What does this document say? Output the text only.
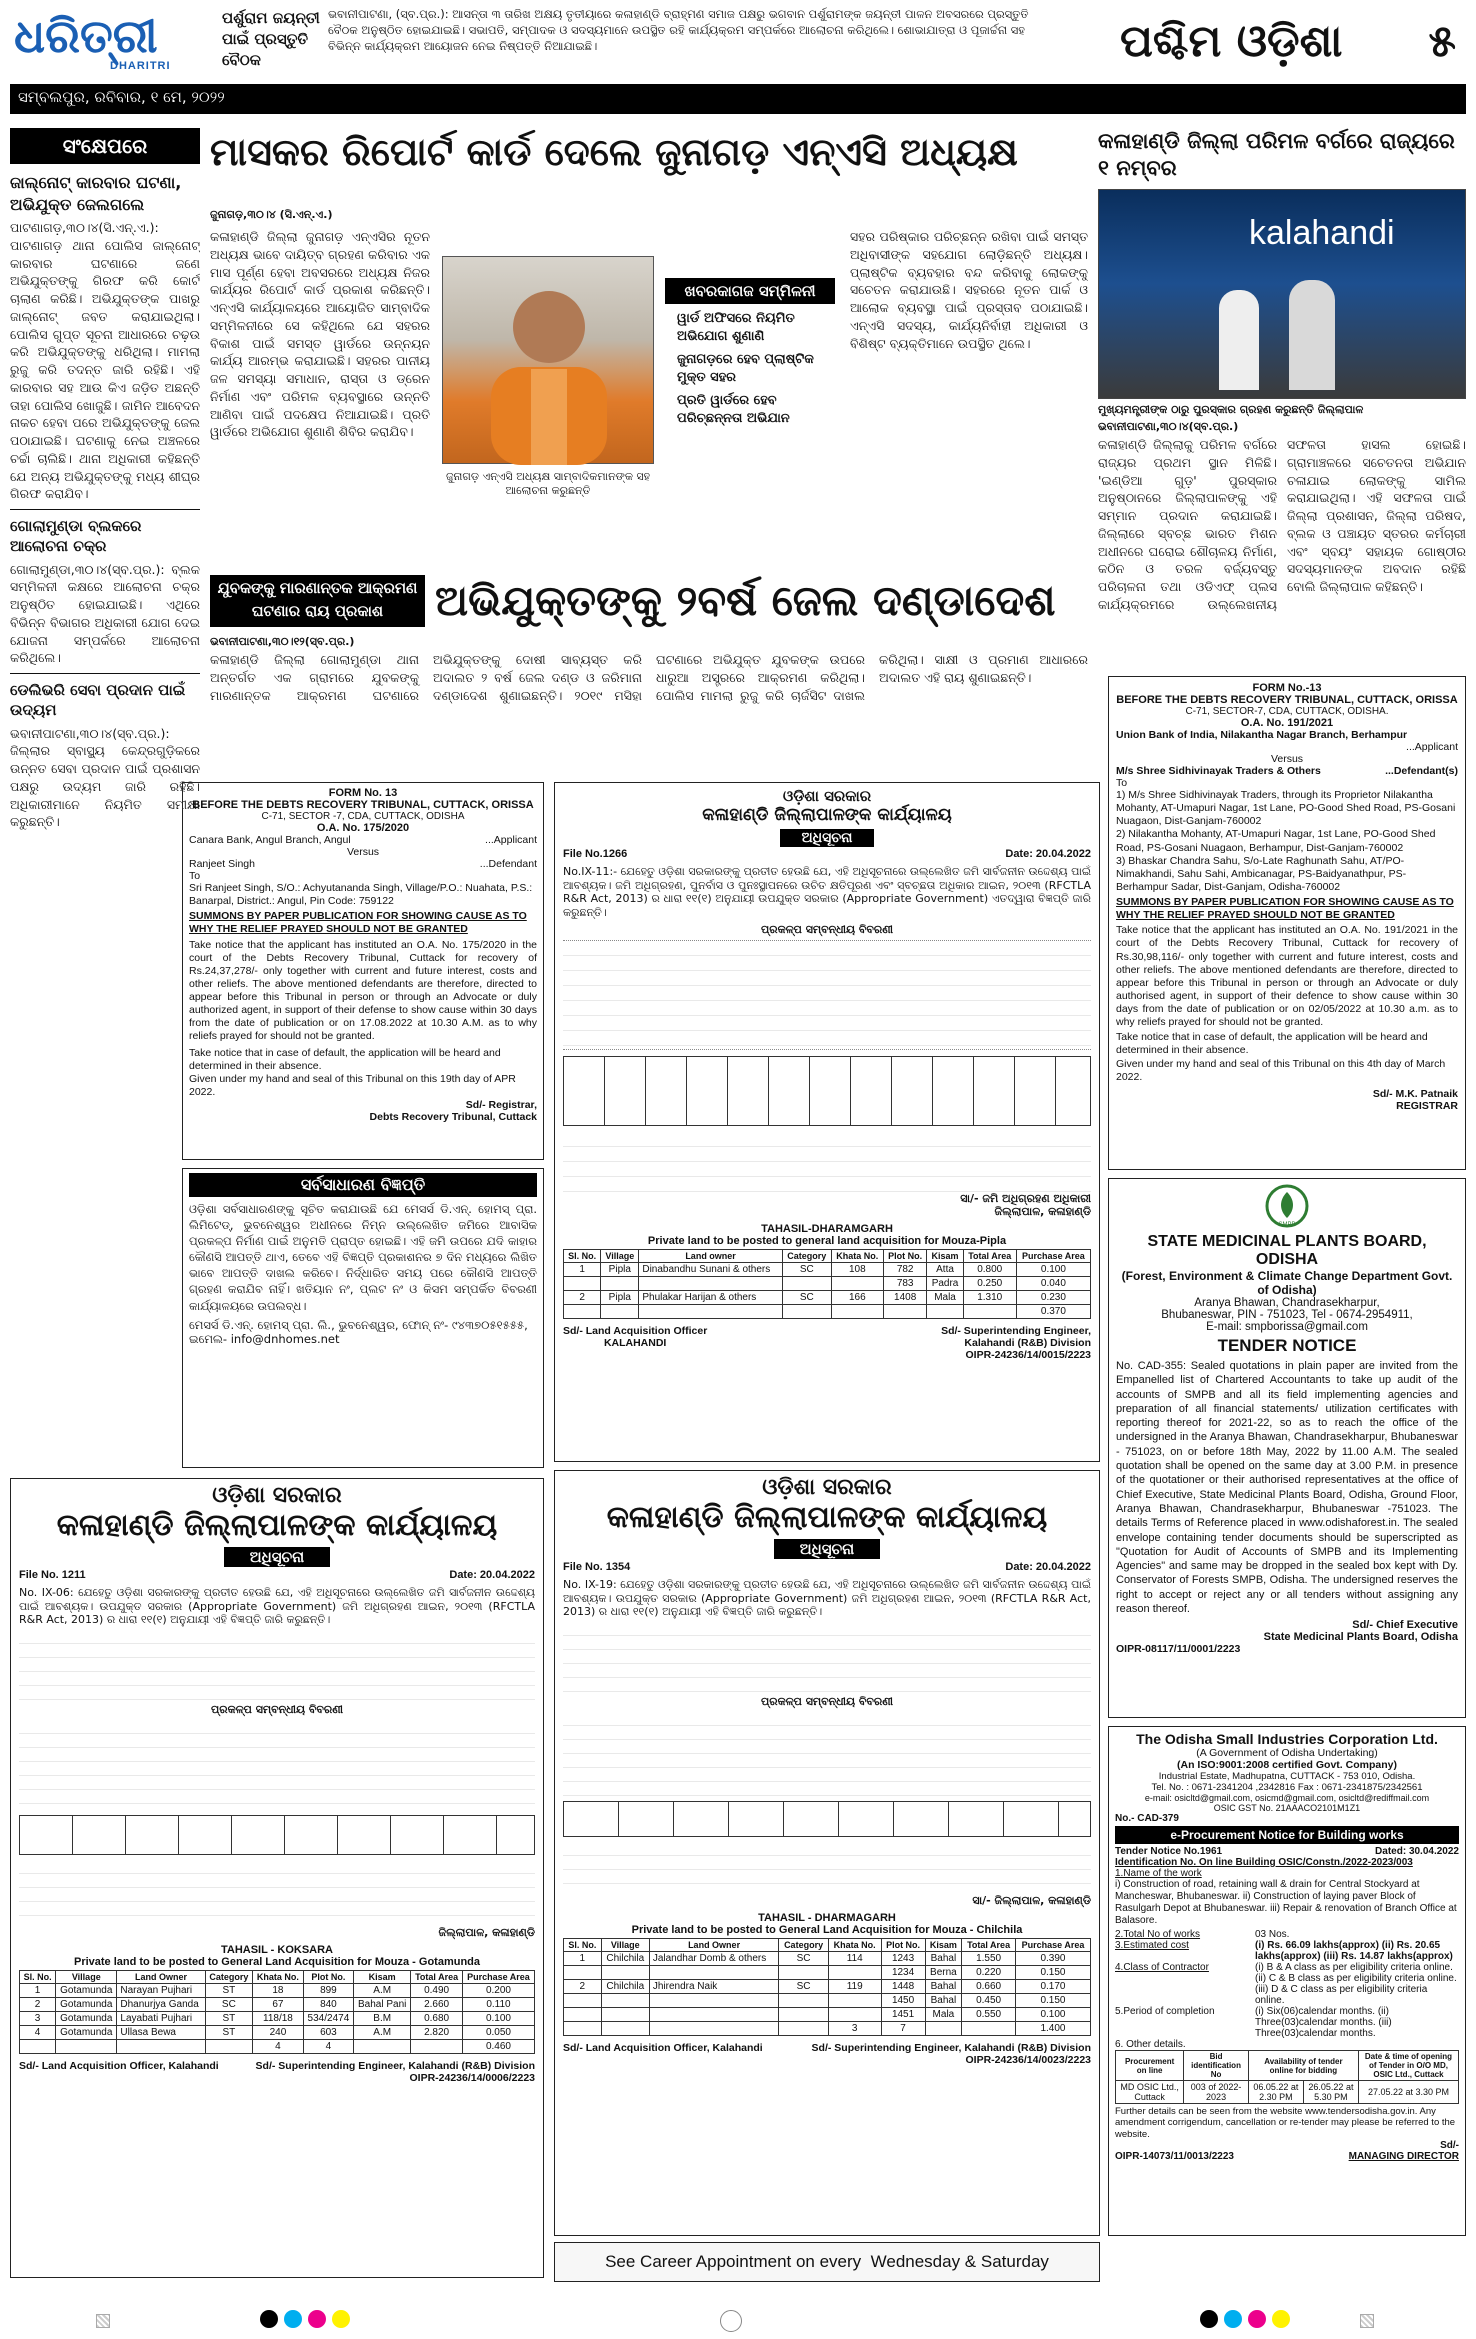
ଧରିତ୍ରୀ
DHARITRI
ପର୍ଶୁରାମ ଜୟନ୍ତୀ ପାଇଁ ପ୍ରସ୍ତୁତି ବୈଠକ
ଭବାନୀପାଟଣା, (ସ୍ବ.ପ୍ର.): ଆସନ୍ତା ୩ ତାରିଖ ଅକ୍ଷୟ ତୃତୀୟାରେ କଳାହାଣ୍ଡି ବ୍ରାହ୍ମଣ ସମାଜ ପକ୍ଷରୁ ଭଗବାନ ପର୍ଶୁରାମଙ୍କ ଜୟନ୍ତୀ ପାଳନ ଅବସରରେ ପ୍ରସ୍ତୁତି ବୈଠକ ଅନୁଷ୍ଠିତ ହୋଇଯାଇଛି। ସଭାପତି, ସମ୍ପାଦକ ଓ ସଦସ୍ୟମାନେ ଉପସ୍ଥିତ ରହି କାର୍ଯ୍ୟକ୍ରମ ସମ୍ପର୍କରେ ଆଲୋଚନା କରିଥିଲେ। ଶୋଭାଯାତ୍ରା ଓ ପୂଜାର୍ଚ୍ଚନା ସହ ବିଭିନ୍ନ କାର୍ଯ୍ୟକ୍ରମ ଆୟୋଜନ ନେଇ ନିଷ୍ପତ୍ତି ନିଆଯାଇଛି।	ପଶ୍ଚିମ ଓଡ଼ିଶା ୫
ସମ୍ବଲପୁର, ରବିବାର, ୧ ମେ, ୨୦୨୨
ସଂକ୍ଷେପରେ
ଜାଲ୍‌ନୋଟ୍ କାରବାର ଘଟଣା, ଅଭିଯୁକ୍ତ ଜେଲଗଲେ
ପାଟଣାଗଡ଼,୩୦।୪(ସି.ଏନ୍.ଏ.): ପାଟଣାଗଡ଼ ଥାନା ପୋଲିସ ଜାଲ୍‌ନୋଟ୍ କାରବାର ଘଟଣାରେ ଜଣେ ଅଭିଯୁକ୍ତଙ୍କୁ ଗିରଫ କରି କୋର୍ଟ ଚାଲାଣ କରିଛି। ଅଭିଯୁକ୍ତଙ୍କ ପାଖରୁ ଜାଲ୍‌ନୋଟ୍ ଜବତ କରାଯାଇଥିଲା। ପୋଲିସ ଗୁପ୍ତ ସୂଚନା ଆଧାରରେ ଚଢ଼ଉ କରି ଅଭିଯୁକ୍ତଙ୍କୁ ଧରିଥିଲା। ମାମଲା ରୁଜୁ କରି ତଦନ୍ତ ଜାରି ରହିଛି। ଏହି କାରବାର ସହ ଆଉ କିଏ ଜଡ଼ିତ ଅଛନ୍ତି ତାହା ପୋଲିସ ଖୋଜୁଛି। ଜାମିନ ଆବେଦନ ନାକଚ ହେବା ପରେ ଅଭିଯୁକ୍ତଙ୍କୁ ଜେଲ ପଠାଯାଇଛି। ଘଟଣାକୁ ନେଇ ଅଞ୍ଚଳରେ ଚର୍ଚ୍ଚା ଚାଲିଛି। ଥାନା ଅଧିକାରୀ କହିଛନ୍ତି ଯେ ଅନ୍ୟ ଅଭିଯୁକ୍ତଙ୍କୁ ମଧ୍ୟ ଶୀଘ୍ର ଗିରଫ କରାଯିବ।
ଗୋଲାମୁଣ୍ଡା ବ୍ଲକରେ ଆଲୋଚନା ଚକ୍ର
ଗୋଲାମୁଣ୍ଡା,୩୦।୪(ସ୍ବ.ପ୍ର.): ବ୍ଲକ ସମ୍ମିଳନୀ କକ୍ଷରେ ଆଲୋଚନା ଚକ୍ର ଅନୁଷ୍ଠିତ ହୋଇଯାଇଛି। ଏଥିରେ ବିଭିନ୍ନ ବିଭାଗର ଅଧିକାରୀ ଯୋଗ ଦେଇ ଯୋଜନା ସମ୍ପର୍କରେ ଆଲୋଚନା କରିଥିଲେ।
ଡେଲିଭରି ସେବା ପ୍ରଦାନ ପାଇଁ ଉଦ୍ୟମ
ଭବାନୀପାଟଣା,୩୦।୪(ସ୍ବ.ପ୍ର.): ଜିଲ୍ଲାର ସ୍ବାସ୍ଥ୍ୟ କେନ୍ଦ୍ରଗୁଡ଼ିକରେ ଉନ୍ନତ ସେବା ପ୍ରଦାନ ପାଇଁ ପ୍ରଶାସନ ପକ୍ଷରୁ ଉଦ୍ୟମ ଜାରି ରହିଛି। ଅଧିକାରୀମାନେ ନିୟମିତ ସମୀକ୍ଷା କରୁଛନ୍ତି।
ମାସକର ରିପୋର୍ଟ କାର୍ଡ ଦେଲେ ଜୁନାଗଡ଼ ଏନ୍‌ଏସି ଅଧ୍ୟକ୍ଷ
ଜୁନାଗଡ଼,୩୦।୪ (ସି.ଏନ୍.ଏ.)
କଳାହାଣ୍ଡି ଜିଲ୍ଲା ଜୁନାଗଡ଼ ଏନ୍‌ଏସିର ନୂତନ ଅଧ୍ୟକ୍ଷ ଭାବେ ଦାୟିତ୍ବ ଗ୍ରହଣ କରିବାର ଏକ ମାସ ପୂର୍ଣ୍ଣ ହେବା ଅବସରରେ ଅଧ୍ୟକ୍ଷ ନିଜର କାର୍ଯ୍ୟର ରିପୋର୍ଟ କାର୍ଡ ପ୍ରକାଶ କରିଛନ୍ତି। ଏନ୍‌ଏସି କାର୍ଯ୍ୟାଳୟରେ ଆୟୋଜିତ ସାମ୍ବାଦିକ ସମ୍ମିଳନୀରେ ସେ କହିଥିଲେ ଯେ ସହରର ବିକାଶ ପାଇଁ ସମସ୍ତ ୱାର୍ଡରେ ଉନ୍ନୟନ କାର୍ଯ୍ୟ ଆରମ୍ଭ କରାଯାଇଛି। ସହରର ପାନୀୟ ଜଳ ସମସ୍ୟା ସମାଧାନ, ରାସ୍ତା ଓ ଡ୍ରେନ ନିର୍ମାଣ ଏବଂ ପରିମଳ ବ୍ୟବସ୍ଥାରେ ଉନ୍ନତି ଆଣିବା ପାଇଁ ପଦକ୍ଷେପ ନିଆଯାଇଛି। ପ୍ରତି ୱାର୍ଡରେ ଅଭିଯୋଗ ଶୁଣାଣି ଶିବିର କରାଯିବ।
ଜୁନାଗଡ଼ ଏନ୍‌ଏସି ଅଧ୍ୟକ୍ଷ ସାମ୍ବାଦିକମାନଙ୍କ ସହ ଆଲୋଚନା କରୁଛନ୍ତି
ଖବରକାଗଜ ସମ୍ମିଳନୀ
ୱାର୍ଡ ଅଫିସରେ ନିୟମିତ ଅଭିଯୋଗ ଶୁଣାଣି
ଜୁନାଗଡ଼ରେ ହେବ ପ୍ଲାଷ୍ଟିକ ମୁକ୍ତ ସହର
ପ୍ରତି ୱାର୍ଡରେ ହେବ ପରିଚ୍ଛନ୍ନତା ଅଭିଯାନ
ସହର ପରିଷ୍କାର ପରିଚ୍ଛନ୍ନ ରଖିବା ପାଇଁ ସମସ୍ତ ଅଧିବାସୀଙ୍କ ସହଯୋଗ ଲୋଡ଼ିଛନ୍ତି ଅଧ୍ୟକ୍ଷ। ପ୍ଲାଷ୍ଟିକ ବ୍ୟବହାର ବନ୍ଦ କରିବାକୁ ଲୋକଙ୍କୁ ସଚେତନ କରାଯାଉଛି। ସହରରେ ନୂତନ ପାର୍କ ଓ ଆଲୋକ ବ୍ୟବସ୍ଥା ପାଇଁ ପ୍ରସ୍ତାବ ପଠାଯାଇଛି। ଏନ୍‌ଏସି ସଦସ୍ୟ, କାର୍ଯ୍ୟନିର୍ବାହୀ ଅଧିକାରୀ ଓ ବିଶିଷ୍ଟ ବ୍ୟକ୍ତିମାନେ ଉପସ୍ଥିତ ଥିଲେ।
କଳାହାଣ୍ଡି ଜିଲ୍ଲା ପରିମଳ ବର୍ଗରେ ରାଜ୍ୟରେ ୧ ନମ୍ବର
kalahandi
ମୁଖ୍ୟମନ୍ତ୍ରୀଙ୍କ ଠାରୁ ପୁରସ୍କାର ଗ୍ରହଣ କରୁଛନ୍ତି ଜିଲ୍ଲାପାଳ
ଭବାନୀପାଟଣା,୩୦।୪(ସ୍ବ.ପ୍ର.)
କଳାହାଣ୍ଡି ଜିଲ୍ଲାକୁ ପରିମଳ ବର୍ଗରେ ରାଜ୍ୟର ପ୍ରଥମ ସ୍ଥାନ ମିଳିଛି। 'ଇଣ୍ଡିଆ ଗୁଡ଼' ପୁରସ୍କାର ଅନୁଷ୍ଠାନରେ ଜିଲ୍ଲାପାଳଙ୍କୁ ଏହି ସମ୍ମାନ ପ୍ରଦାନ କରାଯାଇଛି। ଜିଲ୍ଲାରେ ସ୍ବଚ୍ଛ ଭାରତ ମିଶନ ଅଧୀନରେ ଘରୋଇ ଶୌଚାଳୟ ନିର୍ମାଣ, କଠିନ ଓ ତରଳ ବର୍ଜ୍ୟବସ୍ତୁ ପରିଚାଳନା ତଥା ଓଡିଏଫ୍ ପ୍ଲସ କାର୍ଯ୍ୟକ୍ରମରେ ଉଲ୍ଲେଖନୀୟ ସଫଳତା ହାସଲ ହୋଇଛି। ଗ୍ରାମାଞ୍ଚଳରେ ସଚେତନତା ଅଭିଯାନ ଚଳାଯାଇ ଲୋକଙ୍କୁ ସାମିଲ କରାଯାଇଥିଲା। ଏହି ସଫଳତା ପାଇଁ ଜିଲ୍ଲା ପ୍ରଶାସନ, ଜିଲ୍ଲା ପରିଷଦ, ବ୍ଲକ ଓ ପଞ୍ଚାୟତ ସ୍ତରର କର୍ମଚାରୀ ଏବଂ ସ୍ବୟଂ ସହାୟକ ଗୋଷ୍ଠୀର ସଦସ୍ୟମାନଙ୍କ ଅବଦାନ ରହିଛି ବୋଲି ଜିଲ୍ଲାପାଳ କହିଛନ୍ତି।
ଯୁବକଙ୍କୁ ମାରଣାନ୍ତକ ଆକ୍ରମଣ ଘଟଣାର ରାୟ ପ୍ରକାଶ	ଅଭିଯୁକ୍ତଙ୍କୁ ୨ବର୍ଷ ଜେଲ ଦଣ୍ଡାଦେଶ
ଭବାନୀପାଟଣା,୩୦।୧୨(ସ୍ବ.ପ୍ର.)
କଳାହାଣ୍ଡି ଜିଲ୍ଲା ଗୋଲାମୁଣ୍ଡା ଥାନା ଅନ୍ତର୍ଗତ ଏକ ଗ୍ରାମରେ ଯୁବକଙ୍କୁ ମାରଣାନ୍ତକ ଆକ୍ରମଣ ଘଟଣାରେ ଅଭିଯୁକ୍ତଙ୍କୁ ଦୋଷୀ ସାବ୍ୟସ୍ତ କରି ଅଦାଲତ ୨ ବର୍ଷ ଜେଲ ଦଣ୍ଡ ଓ ଜରିମାନା ଦଣ୍ଡାଦେଶ ଶୁଣାଇଛନ୍ତି। ୨୦୧୯ ମସିହା ଘଟଣାରେ ଅଭିଯୁକ୍ତ ଯୁବକଙ୍କ ଉପରେ ଧାରୁଆ ଅସ୍ତ୍ରରେ ଆକ୍ରମଣ କରିଥିଲା। ପୋଲିସ ମାମଲା ରୁଜୁ କରି ଚାର୍ଜସିଟ ଦାଖଲ କରିଥିଲା। ସାକ୍ଷୀ ଓ ପ୍ରମାଣ ଆଧାରରେ ଅଦାଲତ ଏହି ରାୟ ଶୁଣାଇଛନ୍ତି।
FORM No. 13
BEFORE THE DEBTS RECOVERY TRIBUNAL, CUTTACK, ORISSA
C-71, SECTOR -7, CDA, CUTTACK, ODISHA
O.A. No. 175/2020
Canara Bank, Angul Branch, Angul	...Applicant
Versus
Ranjeet Singh	...Defendant
To
Sri Ranjeet Singh, S/O.: Achyutananda Singh, Village/P.O.: Nuahata, P.S.: Banarpal, District.: Angul, Pin Code: 759122
SUMMONS BY PAPER PUBLICATION FOR SHOWING CAUSE AS TO WHY THE RELIEF PRAYED SHOULD NOT BE GRANTED
Take notice that the applicant has instituted an O.A. No. 175/2020 in the court of the Debts Recovery Tribunal, Cuttack for recovery of Rs.24,37,278/- only together with current and future interest, costs and other reliefs. The above mentioned defendants are therefore, directed to appear before this Tribunal in person or through an Advocate or duly authorized agent, in support of their defense to show cause within 30 days from the date of publication or on 17.08.2022 at 10.30 A.M. as to why reliefs prayed for should not be granted.
Take notice that in case of default, the application will be heard and determined in their absence.
Given under my hand and seal of this Tribunal on this 19th day of APR 2022.
Sd/- Registrar,
Debts Recovery Tribunal, Cuttack
ଓଡ଼ିଶା ସରକାର
କଳାହାଣ୍ଡି ଜିଲ୍ଲାପାଳଙ୍କ କାର୍ଯ୍ୟାଳୟ
ଅଧିସୂଚନା
File No.1266	Date: 20.04.2022
No.IX-11:- ଯେହେତୁ ଓଡ଼ିଶା ସରକାରଙ୍କୁ ପ୍ରତୀତ ହେଉଛି ଯେ, ଏହି ଅଧିସୂଚନାରେ ଉଲ୍ଲେଖିତ ଜମି ସାର୍ବଜନୀନ ଉଦ୍ଦେଶ୍ୟ ପାଇଁ ଆବଶ୍ୟକ। ଜମି ଅଧିଗ୍ରହଣ, ପୁନର୍ବାସ ଓ ପୁନଃସ୍ଥାପନରେ ଉଚିତ କ୍ଷତିପୂରଣ ଏବଂ ସ୍ବଚ୍ଛତା ଅଧିକାର ଆଇନ, ୨୦୧୩ (RFCTLA R&R Act, 2013) ର ଧାରା ୧୧(୧) ଅନୁଯାୟୀ ଉପଯୁକ୍ତ ସରକାର (Appropriate Government) ଏତଦ୍ୱାରା ବିଜ୍ଞପ୍ତି ଜାରି କରୁଛନ୍ତି।
ପ୍ରକଳ୍ପ ସମ୍ବନ୍ଧୀୟ ବିବରଣୀ
ସା/- ଜମି ଅଧିଗ୍ରହଣ ଅଧିକାରୀ
ଜିଲ୍ଲାପାଳ, କଳାହାଣ୍ଡି
TAHASIL-DHARAMGARH
Private land to be posted to general land acquisition for Mouza-Pipla
Sl. No.	Village	Land owner	Category	Khata No.	Plot No.	Kisam	Total Area	Purchase Area
1	Pipla	Dinabandhu Sunani & others	SC	108	782	Atta	0.800	0.100
					783	Padra	0.250	0.040
2	Pipla	Phulakar Harijan & others	SC	166	1408	Mala	1.310	0.230
								0.370
Sd/- Land Acquisition Officer
KALAHANDI
Sd/- Superintending Engineer,
Kalahandi (R&B) Division
OIPR-24236/14/0015/2223
FORM No.-13
BEFORE THE DEBTS RECOVERY TRIBUNAL, CUTTACK, ORISSA
C-71, SECTOR-7, CDA, CUTTACK, ODISHA.
O.A. No. 191/2021
Union Bank of India, Nilakantha Nagar Branch, Berhampur
...Applicant
Versus
M/s Shree Sidhivinayak Traders & Others	...Defendant(s)
To
1) M/s Shree Sidhivinayak Traders, through its Proprietor Nilakantha Mohanty, AT-Umapuri Nagar, 1st Lane, PO-Good Shed Road, PS-Gosani Nuagaon, Dist-Ganjam-760002
2) Nilakantha Mohanty, AT-Umapuri Nagar, 1st Lane, PO-Good Shed Road, PS-Gosani Nuagaon, Berhampur, Dist-Ganjam-760002
3) Bhaskar Chandra Sahu, S/o-Late Raghunath Sahu, AT/PO-Nimakhandi, Sahu Sahi, Ambicanagar, PS-Baidyanathpur, PS-Berhampur Sadar, Dist-Ganjam, Odisha-760002
SUMMONS BY PAPER PUBLICATION FOR SHOWING CAUSE AS TO WHY THE RELIEF PRAYED SHOULD NOT BE GRANTED
Take notice that the applicant has instituted an O.A. No. 191/2021 in the court of the Debts Recovery Tribunal, Cuttack for recovery of Rs.30,98,116/- only together with current and future interest, costs and other reliefs. The above mentioned defendants are therefore, directed to appear before this Tribunal in person or through an Advocate or duly authorised agent, in support of their defence to show cause within 30 days from the date of publication or on 02/05/2022 at 10.30 a.m. as to why reliefs prayed for should not be granted.
Take notice that in case of default, the application will be heard and determined in their absence.
Given under my hand and seal of this Tribunal on this 4th day of March 2022.
Sd/- M.K. Patnaik
REGISTRAR
ସର୍ବସାଧାରଣ ବିଜ୍ଞପ୍ତି
ଓଡ଼ିଶା ସର୍ବସାଧାରଣଙ୍କୁ ସୂଚିତ କରାଯାଉଛି ଯେ ମେସର୍ସ ଡି.ଏନ୍. ହୋମସ୍ ପ୍ରା. ଲିମିଟେଡ୍, ଭୁବନେଶ୍ୱର ଅଧୀନରେ ନିମ୍ନ ଉଲ୍ଲେଖିତ ଜମିରେ ଆବାସିକ ପ୍ରକଳ୍ପ ନିର୍ମାଣ ପାଇଁ ଅନୁମତି ପ୍ରାପ୍ତ ହୋଇଛି। ଏହି ଜମି ଉପରେ ଯଦି କାହାର କୌଣସି ଆପତ୍ତି ଥାଏ, ତେବେ ଏହି ବିଜ୍ଞପ୍ତି ପ୍ରକାଶନର ୭ ଦିନ ମଧ୍ୟରେ ଲିଖିତ ଭାବେ ଆପତ୍ତି ଦାଖଲ କରିବେ। ନିର୍ଦ୍ଧାରିତ ସମୟ ପରେ କୌଣସି ଆପତ୍ତି ଗ୍ରହଣ କରାଯିବ ନାହିଁ। ଖତିୟାନ ନଂ, ପ୍ଲଟ ନଂ ଓ କିସମ ସମ୍ପର୍କିତ ବିବରଣୀ କାର୍ଯ୍ୟାଳୟରେ ଉପଲବ୍ଧ।
ମେସର୍ସ ଡି.ଏନ୍. ହୋମସ୍ ପ୍ରା. ଲି., ଭୁବନେଶ୍ୱର, ଫୋନ୍ ନଂ- ୯୪୩୭୦୫୧୫୫୫, ଇମେଲ- info@dnhomes.net
SMPB
STATE MEDICINAL PLANTS BOARD, ODISHA
(Forest, Environment & Climate Change Department Govt. of Odisha)
Aranya Bhawan, Chandrasekharpur,
Bhubaneswar, PIN - 751023, Tel - 0674-2954911,
E-mail: smpborissa@gmail.com
TENDER NOTICE
No. CAD-355: Sealed quotations in plain paper are invited from the Empanelled list of Chartered Accountants to take up audit of the accounts of SMPB and all its field implementing agencies and preparation of all financial statements/ utilization certificates with reporting thereof for 2021-22, so as to reach the office of the undersigned in the Aranya Bhawan, Chandrasekharpur, Bhubaneswar - 751023, on or before 18th May, 2022 by 11.00 A.M. The sealed quotation shall be opened on the same day at 3.00 P.M. in presence of the quotationer or their authorised representatives at the office of Chief Executive, State Medicinal Plants Board, Odisha, Ground Floor, Aranya Bhawan, Chandrasekharpur, Bhubaneswar -751023. The details Terms of Reference placed in www.odishaforest.in. The sealed envelope containing tender documents should be superscripted as "Quotation for Audit of Accounts of SMPB and its Implementing Agencies" and same may be dropped in the sealed box kept with Dy. Conservator of Forests SMPB, Odisha. The undersigned reserves the right to accept or reject any or all tenders without assigning any reason thereof.
Sd/- Chief Executive
State Medicinal Plants Board, Odisha
OIPR-08117/11/0001/2223
ଓଡ଼ିଶା ସରକାର
କଳାହାଣ୍ଡି ଜିଲ୍ଲାପାଳଙ୍କ କାର୍ଯ୍ୟାଳୟ
ଅଧିସୂଚନା
File No. 1211	Date: 20.04.2022
No. IX-06: ଯେହେତୁ ଓଡ଼ିଶା ସରକାରଙ୍କୁ ପ୍ରତୀତ ହେଉଛି ଯେ, ଏହି ଅଧିସୂଚନାରେ ଉଲ୍ଲେଖିତ ଜମି ସାର୍ବଜନୀନ ଉଦ୍ଦେଶ୍ୟ ପାଇଁ ଆବଶ୍ୟକ। ଉପଯୁକ୍ତ ସରକାର (Appropriate Government) ଜମି ଅଧିଗ୍ରହଣ ଆଇନ, ୨୦୧୩ (RFCTLA R&R Act, 2013) ର ଧାରା ୧୧(୧) ଅନୁଯାୟୀ ଏହି ବିଜ୍ଞପ୍ତି ଜାରି କରୁଛନ୍ତି।
ପ୍ରକଳ୍ପ ସମ୍ବନ୍ଧୀୟ ବିବରଣୀ
ଜିଲ୍ଲାପାଳ, କଳାହାଣ୍ଡି
TAHASIL - KOKSARA
Private land to be posted to General Land Acquisition for Mouza - Gotamunda
Sl. No.	Village	Land Owner	Category	Khata No.	Plot No.	Kisam	Total Area	Purchase Area
1	Gotamunda	Narayan Pujhari	ST	18	899	A.M	0.490	0.200
2	Gotamunda	Dhanurjya Ganda	SC	67	840	Bahal Pani	2.660	0.110
3	Gotamunda	Layabati Pujhari	ST	118/18	534/2474	B.M	0.680	0.100
4	Gotamunda	Ullasa Bewa	ST	240	603	A.M	2.820	0.050
				4	4			0.460
Sd/- Land Acquisition Officer, Kalahandi	Sd/- Superintending Engineer, Kalahandi (R&B) Division
OIPR-24236/14/0006/2223
ଓଡ଼ିଶା ସରକାର
କଳାହାଣ୍ଡି ଜିଲ୍ଲାପାଳଙ୍କ କାର୍ଯ୍ୟାଳୟ
ଅଧିସୂଚନା
File No. 1354	Date: 20.04.2022
No. IX-19: ଯେହେତୁ ଓଡ଼ିଶା ସରକାରଙ୍କୁ ପ୍ରତୀତ ହେଉଛି ଯେ, ଏହି ଅଧିସୂଚନାରେ ଉଲ୍ଲେଖିତ ଜମି ସାର୍ବଜନୀନ ଉଦ୍ଦେଶ୍ୟ ପାଇଁ ଆବଶ୍ୟକ। ଉପଯୁକ୍ତ ସରକାର (Appropriate Government) ଜମି ଅଧିଗ୍ରହଣ ଆଇନ, ୨୦୧୩ (RFCTLA R&R Act, 2013) ର ଧାରା ୧୧(୧) ଅନୁଯାୟୀ ଏହି ବିଜ୍ଞପ୍ତି ଜାରି କରୁଛନ୍ତି।
ପ୍ରକଳ୍ପ ସମ୍ବନ୍ଧୀୟ ବିବରଣୀ
ସା/- ଜିଲ୍ଲାପାଳ, କଳାହାଣ୍ଡି
TAHASIL - DHARMAGARH
Private land to be posted to General Land Acquisition for Mouza - Chilchila
Sl. No.	Village	Land Owner	Category	Khata No.	Plot No.	Kisam	Total Area	Purchase Area
1	Chilchila	Jalandhar Domb & others	SC	114	1243	Bahal	1.550	0.390
					1234	Berna	0.220	0.150
2	Chilchila	Jhirendra Naik	SC	119	1448	Bahal	0.660	0.170
					1450	Bahal	0.450	0.150
					1451	Mala	0.550	0.100
				3	7			1.400
Sd/- Land Acquisition Officer, Kalahandi	Sd/- Superintending Engineer, Kalahandi (R&B) Division
OIPR-24236/14/0023/2223
The Odisha Small Industries Corporation Ltd.
(A Government of Odisha Undertaking)
(An ISO:9001:2008 certified Govt. Company)
Industrial Estate, Madhupatna, CUTTACK - 753 010, Odisha.
Tel. No. : 0671-2341204 ,2342816 Fax : 0671-2341875/2342561
e-mail: osicltd@gmail.com, osicmd@gmail.com, osicltd@rediffmail.com
OSIC GST No. 21AAACO2101M1Z1
No.- CAD-379
e-Procurement Notice for Building works
Tender Notice No.1961	Dated: 30.04.2022
Identification No. On line Building OSIC/Constn./2022-2023/003
1.Name of the work
i) Construction of road, retaining wall & drain for Central Stockyard at Mancheswar, Bhubaneswar. ii) Construction of laying paver Block of Rasulgarh Depot at Bhubaneswar. iii) Repair & renovation of Branch Office at Balasore.
2.Total No of works	03 Nos.
3.Estimated cost	(i) Rs. 66.09 lakhs(approx) (ii) Rs. 20.65 lakhs(approx) (iii) Rs. 14.87 lakhs(approx)
4.Class of Contractor	(i) B & A class as per eligibility criteria online. (ii) C & B class as per eligibility criteria online. (iii) D & C class as per eligibility criteria online.
5.Period of completion	(i) Six(06)calendar months. (ii) Three(03)calendar months. (iii) Three(03)calendar months.
6. Other details.
Procurement on line	Bid identification No	Availability of tender online for bidding		Date & time of opening of Tender in O/O MD, OSIC Ltd., Cuttack
MD OSIC Ltd., Cuttack	003 of 2022-2023	06.05.22 at 2.30 PM	26.05.22 at 5.30 PM	27.05.22 at 3.30 PM
Further details can be seen from the website www.tendersodisha.gov.in. Any amendment corrigendum, cancellation or re-tender may please be referred to the website.
Sd/-
OIPR-14073/11/0013/2223	MANAGING DIRECTOR
See Career Appointment on every  Wednesday & Saturday
